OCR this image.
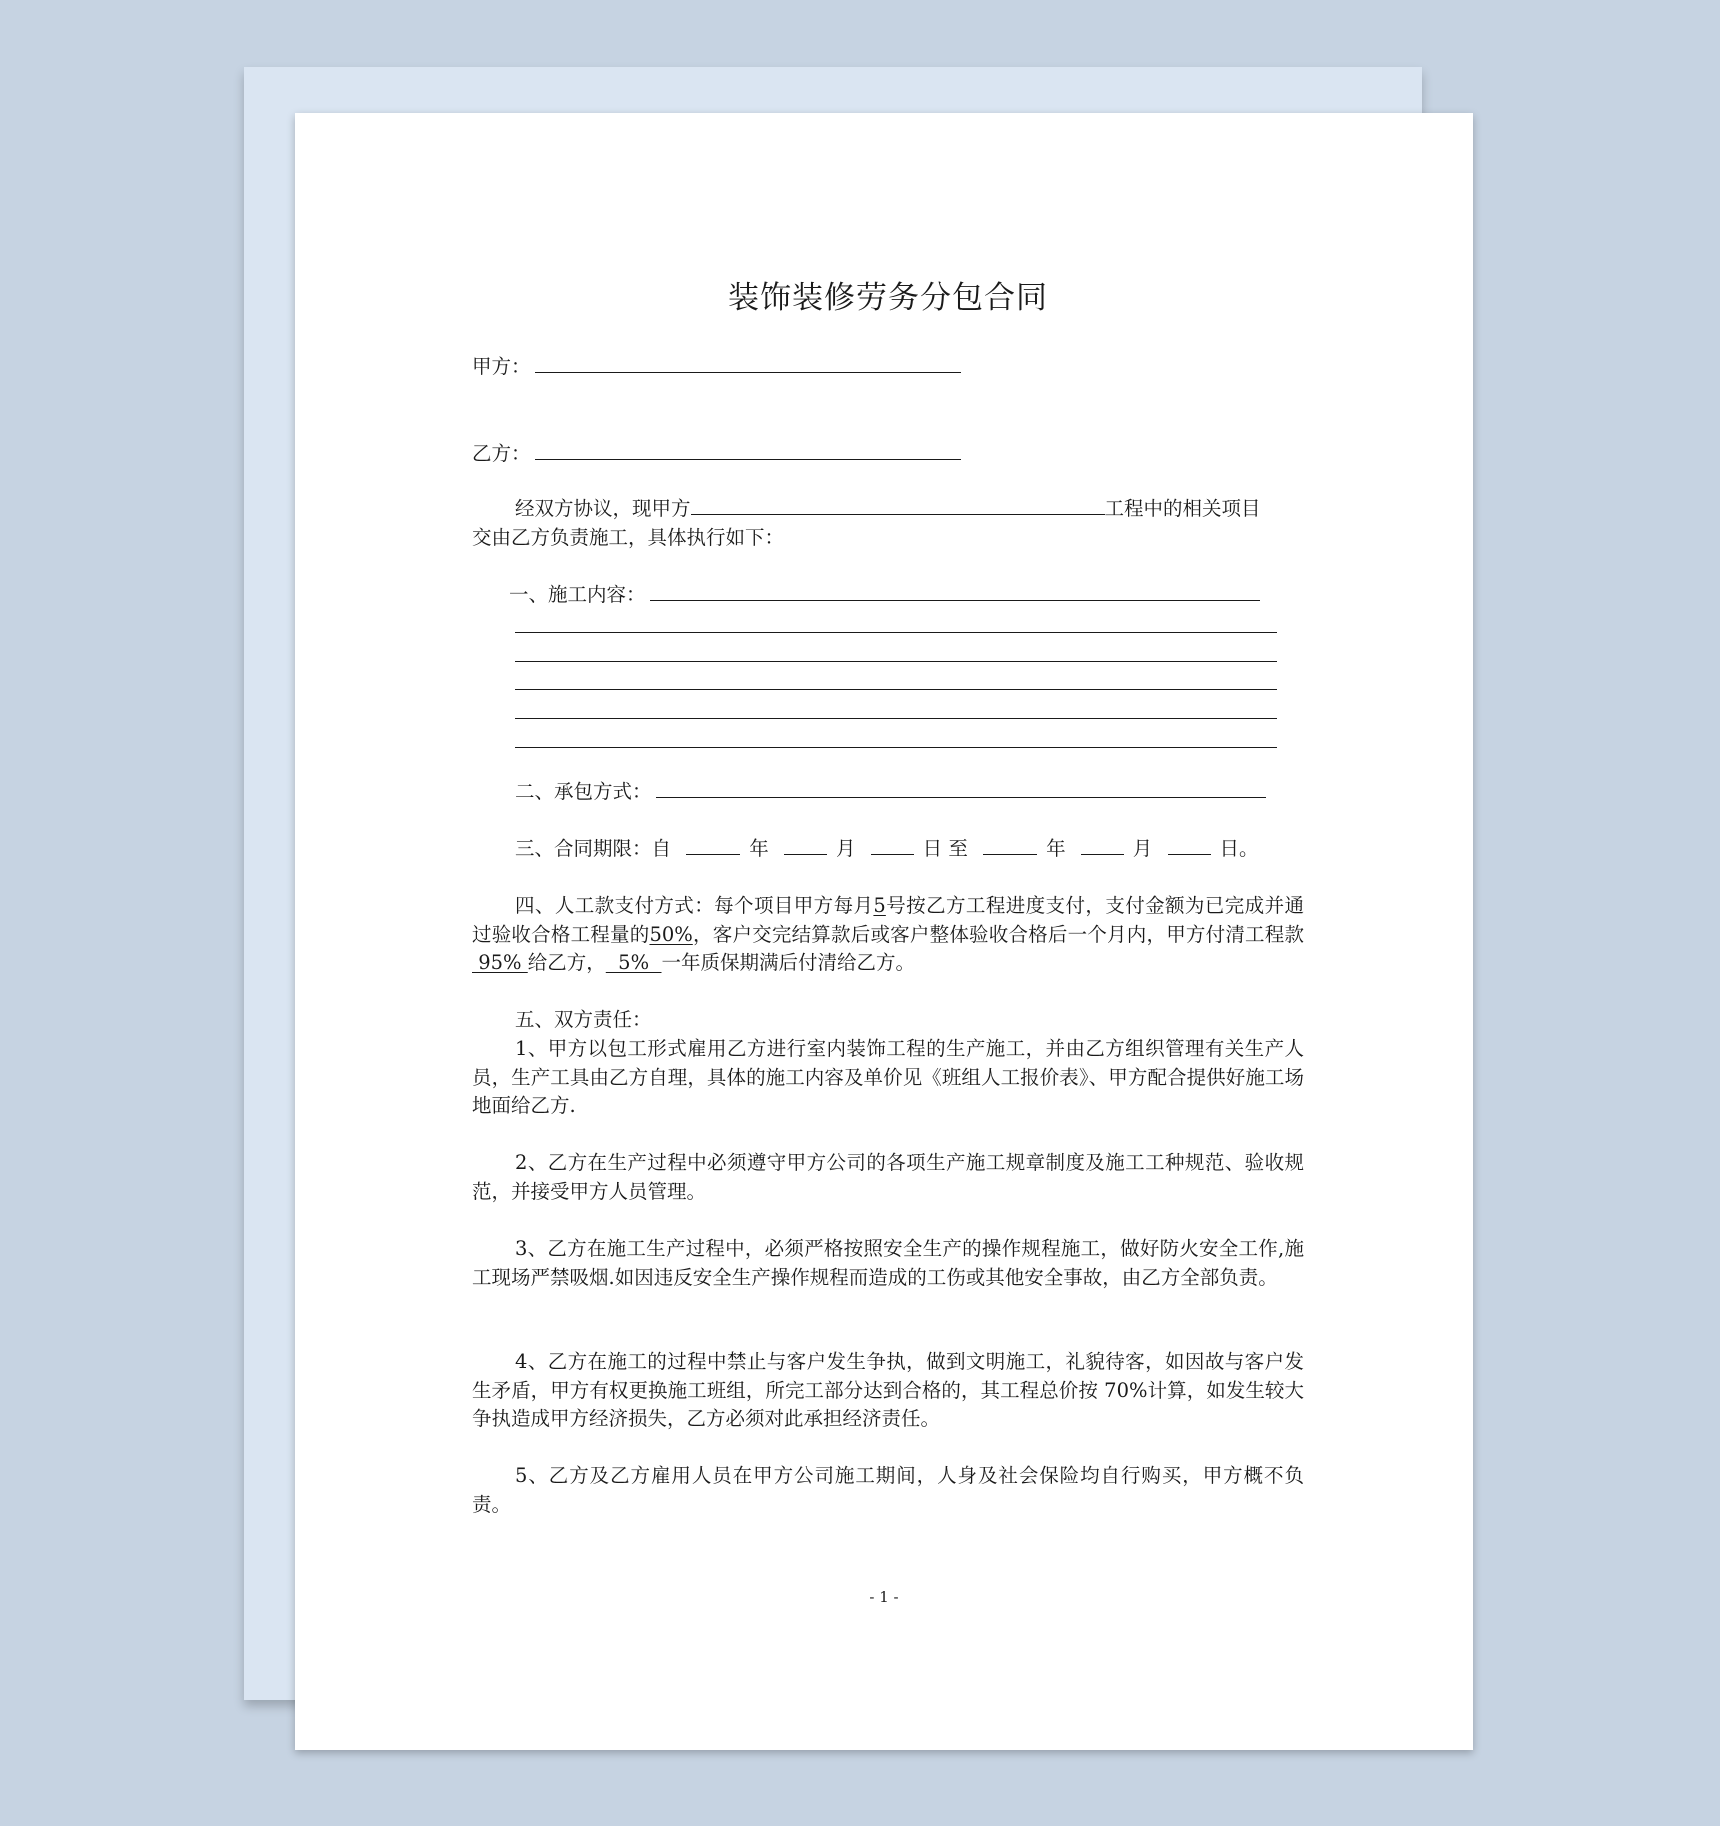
装饰装修劳务分包合同
甲方：
乙方：
经双方协议，现甲方	工程中的相关项目
交由乙方负责施工，具体执行如下：
一、施工内容：
二、承包方式：
三、合同期限：自	年	月	日 至	年	月	日。
四、人工款支付方式：每个项目甲方每月5号按乙方工程进度支付，支付金额为已完成并通过验收合格工程量的50%，客户交完结算款后或客户整体验收合格后一个月内，甲方付清工程款 95% 给乙方，  5%  一年质保期满后付清给乙方。
五、双方责任：
1、甲方以包工形式雇用乙方进行室内装饰工程的生产施工，并由乙方组织管理有关生产人员，生产工具由乙方自理，具体的施工内容及单价见《班组人工报价表》、甲方配合提供好施工场地面给乙方.
2、乙方在生产过程中必须遵守甲方公司的各项生产施工规章制度及施工工种规范、验收规范，并接受甲方人员管理。
3、乙方在施工生产过程中，必须严格按照安全生产的操作规程施工，做好防火安全工作,施工现场严禁吸烟.如因违反安全生产操作规程而造成的工伤或其他安全事故，由乙方全部负责。
4、乙方在施工的过程中禁止与客户发生争执，做到文明施工，礼貌待客，如因故与客户发生矛盾，甲方有权更换施工班组，所完工部分达到合格的，其工程总价按 70%计算，如发生较大争执造成甲方经济损失，乙方必须对此承担经济责任。
5、乙方及乙方雇用人员在甲方公司施工期间，人身及社会保险均自行购买，甲方概不负责。
- 1 -
